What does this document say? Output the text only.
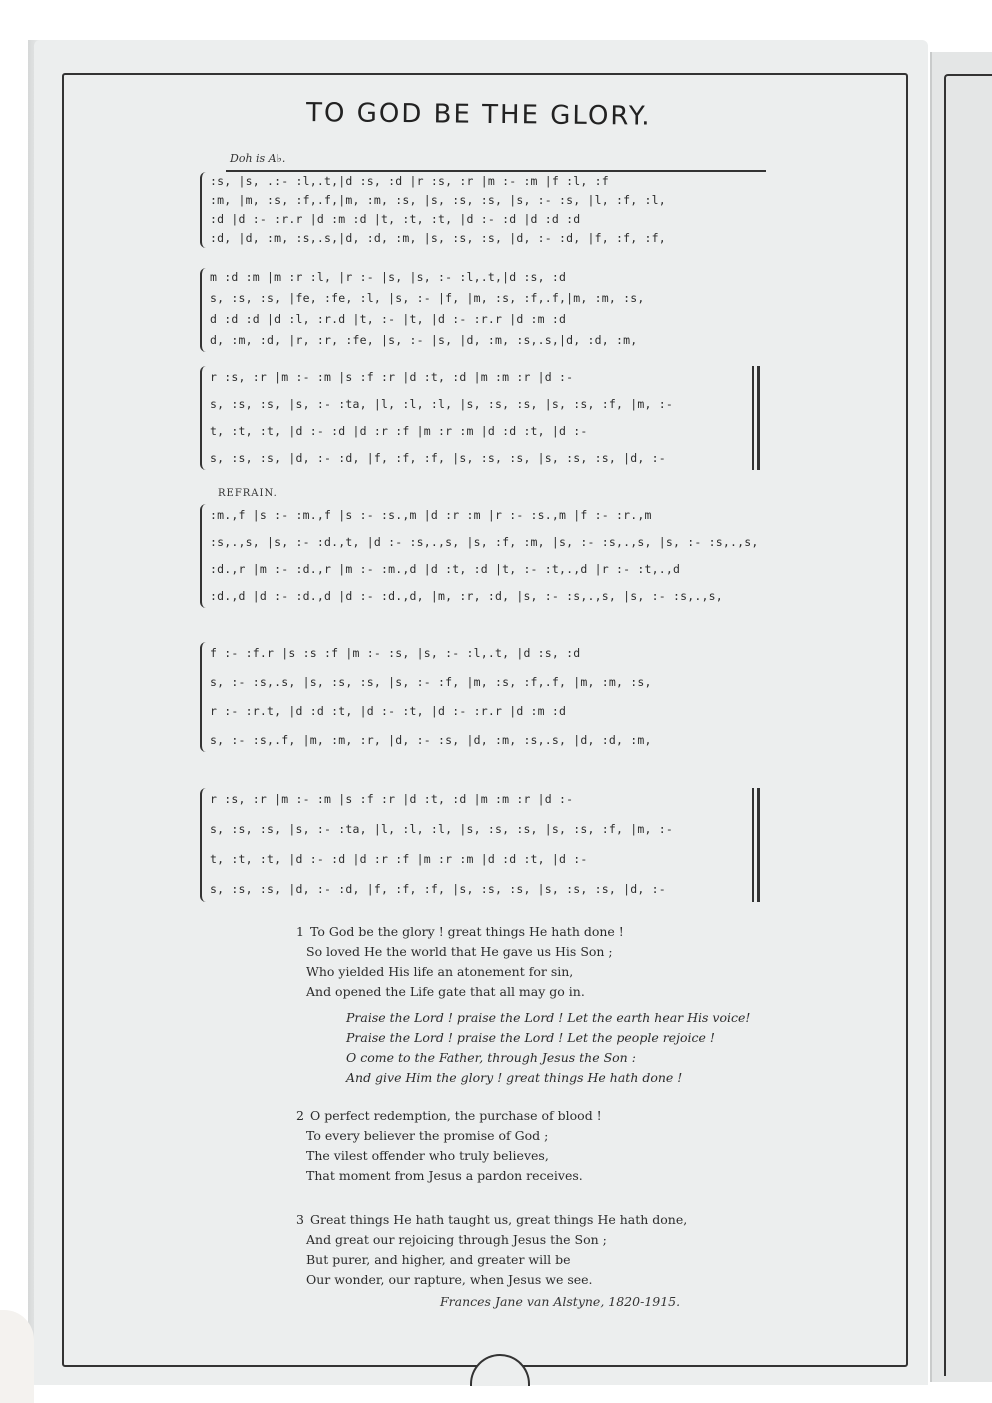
TO GOD BE THE GLORY.
Doh is A♭.
:s, |s, .:- :l,.t,|d :s, :d |r :s, :r |m :- :m |f :l, :f
:m, |m, :s, :f,.f,|m, :m, :s, |s, :s, :s, |s, :- :s, |l, :f, :l,
:d |d :- :r.r |d :m :d |t, :t, :t, |d :- :d |d :d :d
:d, |d, :m, :s,.s,|d, :d, :m, |s, :s, :s, |d, :- :d, |f, :f, :f,
m :d :m |m :r :l, |r :- |s, |s, :- :l,.t,|d :s, :d
s, :s, :s, |fe, :fe, :l, |s, :- |f, |m, :s, :f,.f,|m, :m, :s,
d :d :d |d :l, :r.d |t, :- |t, |d :- :r.r |d :m :d
d, :m, :d, |r, :r, :fe, |s, :- |s, |d, :m, :s,.s,|d, :d, :m,
r :s, :r |m :- :m |s :f :r |d :t, :d |m :m :r |d :-
s, :s, :s, |s, :- :ta, |l, :l, :l, |s, :s, :s, |s, :s, :f, |m, :-
t, :t, :t, |d :- :d |d :r :f |m :r :m |d :d :t, |d :-
s, :s, :s, |d, :- :d, |f, :f, :f, |s, :s, :s, |s, :s, :s, |d, :-
REFRAIN.
:m.,f |s :- :m.,f |s :- :s.,m |d :r :m |r :- :s.,m |f :- :r.,m
:s,.,s, |s, :- :d.,t, |d :- :s,.,s, |s, :f, :m, |s, :- :s,.,s, |s, :- :s,.,s,
:d.,r |m :- :d.,r |m :- :m.,d |d :t, :d |t, :- :t,.,d |r :- :t,.,d
:d.,d |d :- :d.,d |d :- :d.,d, |m, :r, :d, |s, :- :s,.,s, |s, :- :s,.,s,
f :- :f.r |s :s :f |m :- :s, |s, :- :l,.t, |d :s, :d
s, :- :s,.s, |s, :s, :s, |s, :- :f, |m, :s, :f,.f, |m, :m, :s,
r :- :r.t, |d :d :t, |d :- :t, |d :- :r.r |d :m :d
s, :- :s,.f, |m, :m, :r, |d, :- :s, |d, :m, :s,.s, |d, :d, :m,
r :s, :r |m :- :m |s :f :r |d :t, :d |m :m :r |d :-
s, :s, :s, |s, :- :ta, |l, :l, :l, |s, :s, :s, |s, :s, :f, |m, :-
t, :t, :t, |d :- :d |d :r :f |m :r :m |d :d :t, |d :-
s, :s, :s, |d, :- :d, |f, :f, :f, |s, :s, :s, |s, :s, :s, |d, :-
1 To God be the glory ! great things He hath done !
So loved He the world that He gave us His Son ;
Who yielded His life an atonement for sin,
And opened the Life gate that all may go in.
Praise the Lord ! praise the Lord ! Let the earth hear His voice!
Praise the Lord ! praise the Lord ! Let the people rejoice !
O come to the Father, through Jesus the Son :
And give Him the glory ! great things He hath done !
2 O perfect redemption, the purchase of blood !
To every believer the promise of God ;
The vilest offender who truly believes,
That moment from Jesus a pardon receives.
3 Great things He hath taught us, great things He hath done,
And great our rejoicing through Jesus the Son ;
But purer, and higher, and greater will be
Our wonder, our rapture, when Jesus we see.
Frances Jane van Alstyne, 1820-1915.
